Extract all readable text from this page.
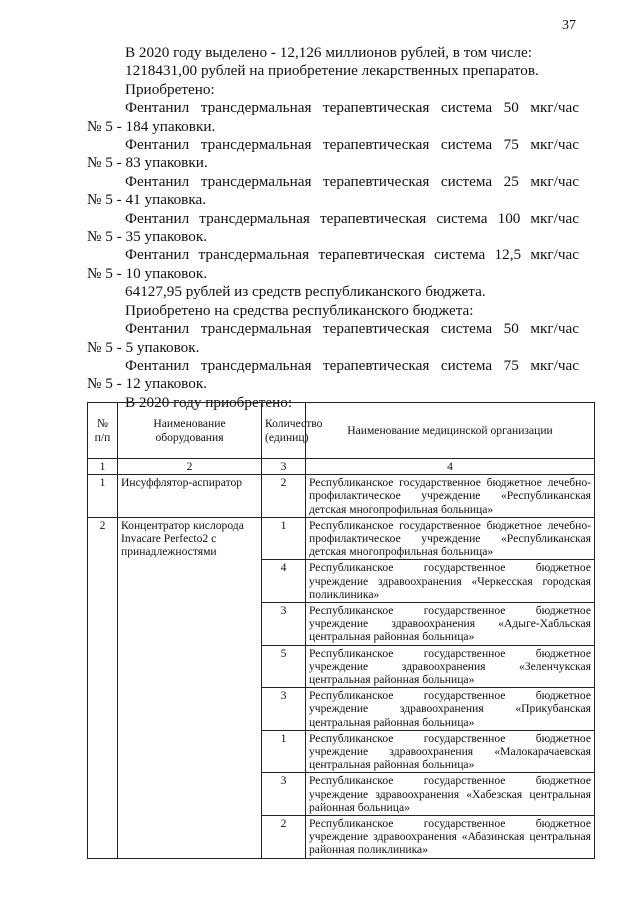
37

В 2020 году выделено - 12,126 миллионов рублей, в том числе:

1218431,00 рублей на приобретение лекарственных препаратов.

Приобретено:

Фентанил трансдермальная терапевтическая система 50 мкг/час

№ 5 - 184 упаковки.

Фентанил трансдермальная терапевтическая система 75 мкг/час

№ 5 - 83 упаковки.

Фентанил трансдермальная терапевтическая система 25 мкг/час

№ 5 - 41 упаковка.

Фентанил трансдермальная терапевтическая система 100 мкг/час

№ 5 - 35 упаковок.

Фентанил трансдермальная терапевтическая система 12,5 мкг/час

№ 5 - 10 упаковок.

64127,95 рублей из средств республиканского бюджета.

Приобретено на средства республиканского бюджета:

Фентанил трансдермальная терапевтическая система 50 мкг/час

№ 5 - 5 упаковок.

Фентанил трансдермальная терапевтическая система 75 мкг/час

№ 5 - 12 упаковок.

В 2020 году приобретено:

№ п/п	Наименование оборудования	Количество (единиц)	Наименование медицинской организации
1	2	3	4
1	Инсуффлятор-аспиратор	2	Республиканское государственное бюджетное лечебно-профилактическое учреждение «Республиканская детская многопрофильная больница»
2	Концентратор кислорода Invacare Perfecto2 с принадлежностями	1	Республиканское государственное бюджетное лечебно-профилактическое учреждение «Республиканская детская многопрофильная больница»
		4	Республиканское государственное бюджетное учреждение здравоохранения «Черкесская городская поликлиника»
		3	Республиканское государственное бюджетное учреждение здравоохранения «Адыге-Хабльская центральная районная больница»
		5	Республиканское государственное бюджетное учреждение здравоохранения «Зеленчукская центральная районная больница»
		3	Республиканское государственное бюджетное учреждение здравоохранения «Прикубанская центральная районная больница»
		1	Республиканское государственное бюджетное учреждение здравоохранения «Малокарачаевская центральная районная больница»
		3	Республиканское государственное бюджетное учреждение здравоохранения «Хабезская центральная районная больница»
		2	Республиканское государственное бюджетное учреждение здравоохранения «Абазинская центральная районная поликлиника»
